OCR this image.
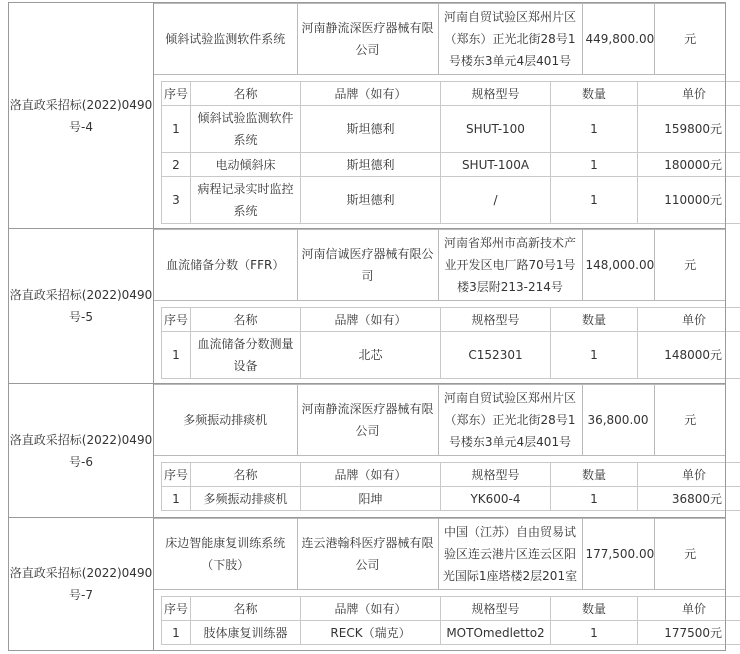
洛直政采招标(2022)0490号-4	
倾斜试验监测软件系统	河南静流深医疗器械有限公司	河南自贸试验区郑州片区（郑东）正光北街28号1号楼东3单元4层401号	449,800.00	元
序号	名称	品牌（如有）	规格型号	数量	单价
1	倾斜试验监测软件系统	斯坦德利	SHUT-100	1	159800元
2	电动倾斜床	斯坦德利	SHUT-100A	1	180000元
3	病程记录实时监控系统	斯坦德利	/	1	110000元

洛直政采招标(2022)0490号-5	
血流储备分数（FFR）	河南信诚医疗器械有限公司	河南省郑州市高新技术产业开发区电厂路70号1号楼3层附213-214号	148,000.00	元
序号	名称	品牌（如有）	规格型号	数量	单价
1	血流储备分数测量设备	北芯	C152301	1	148000元

洛直政采招标(2022)0490号-6	
多频振动排痰机	河南静流深医疗器械有限公司	河南自贸试验区郑州片区（郑东）正光北街28号1号楼东3单元4层401号	36,800.00	元
序号	名称	品牌（如有）	规格型号	数量	单价
1	多频振动排痰机	阳坤	YK600-4	1	36800元

洛直政采招标(2022)0490号-7	
床边智能康复训练系统（下肢）	连云港翰科医疗器械有限公司	中国（江苏）自由贸易试验区连云港片区连云区阳光国际1座塔楼2层201室	177,500.00	元
序号	名称	品牌（如有）	规格型号	数量	单价
1	肢体康复训练器	RECK（瑞克）	MOTOmedletto2	1	177500元
